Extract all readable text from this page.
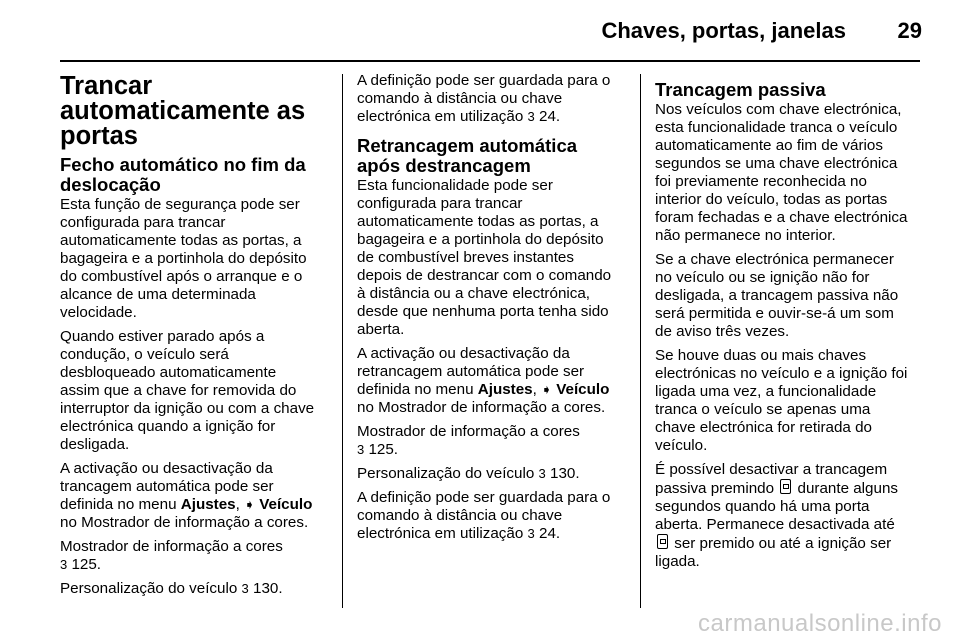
Chaves, portas, janelas 29
Trancar automaticamente as portas
Fecho automático no fim da deslocação

Esta função de segurança pode ser
configurada para trancar
automaticamente todas as portas, a
bagageira e a portinhola do depósito
do combustível após o arranque e o
alcance de uma determinada
velocidade.

Quando estiver parado após a
condução, o veículo será
desbloqueado automaticamente
assim que a chave for removida do
interruptor da ignição ou com a chave
electrónica quando a ignição for
desligada.

A activação ou desactivação da
trancagem automática pode ser
definida no menu Ajustes, ➧ Veículo
no Mostrador de informação a cores.

Mostrador de informação a cores
3 125.

Personalização do veículo 3 130.

A definição pode ser guardada para o
comando à distância ou chave
electrónica em utilização 3 24.

Retrancagem automática após destrancagem

Esta funcionalidade pode ser
configurada para trancar
automaticamente todas as portas, a
bagageira e a portinhola do depósito
de combustível breves instantes
depois de destrancar com o comando
à distância ou a chave electrónica,
desde que nenhuma porta tenha sido
aberta.

A activação ou desactivação da
retrancagem automática pode ser
definida no menu Ajustes, ➧ Veículo
no Mostrador de informação a cores.

Mostrador de informação a cores
3 125.

Personalização do veículo 3 130.

A definição pode ser guardada para o
comando à distância ou chave
electrónica em utilização 3 24.

Trancagem passiva

Nos veículos com chave electrónica,
esta funcionalidade tranca o veículo
automaticamente ao fim de vários
segundos se uma chave electrónica
foi previamente reconhecida no
interior do veículo, todas as portas
foram fechadas e a chave electrónica
não permanece no interior.

Se a chave electrónica permanecer
no veículo ou se ignição não for
desligada, a trancagem passiva não
será permitida e ouvir-se-á um som
de aviso três vezes.

Se houve duas ou mais chaves
electrónicas no veículo e a ignição foi
ligada uma vez, a funcionalidade
tranca o veículo se apenas uma
chave electrónica for retirada do
veículo.

É possível desactivar a trancagem
passiva premindo durante alguns
segundos quando há uma porta
aberta. Permanece desactivada até
ser premido ou até a ignição ser
ligada.

carmanualsonline.info
